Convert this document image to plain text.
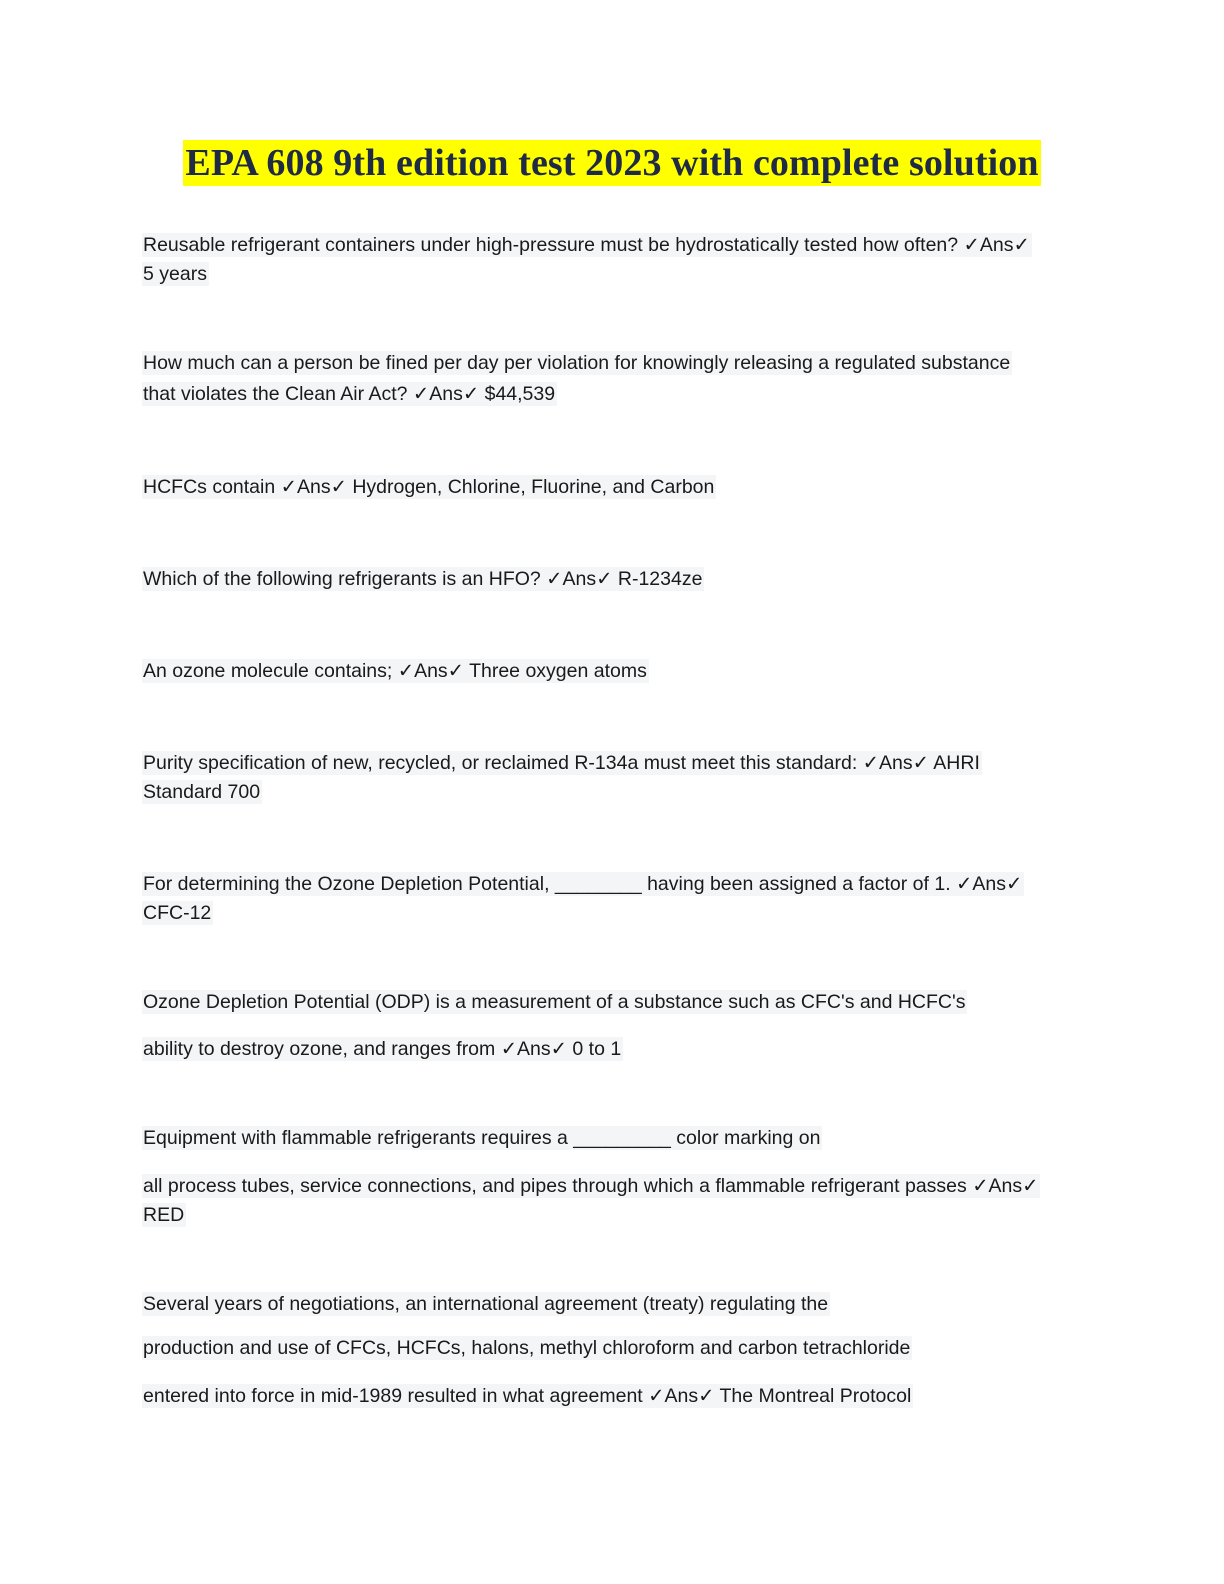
EPA 608 9th edition test 2023 with complete solution
Reusable refrigerant containers under high-pressure must be hydrostatically tested how often? ✓Ans✓
5 years
How much can a person be fined per day per violation for knowingly releasing a regulated substance
that violates the Clean Air Act? ✓Ans✓ $44,539
HCFCs contain ✓Ans✓ Hydrogen, Chlorine, Fluorine, and Carbon
Which of the following refrigerants is an HFO? ✓Ans✓ R-1234ze
An ozone molecule contains; ✓Ans✓ Three oxygen atoms
Purity specification of new, recycled, or reclaimed R-134a must meet this standard: ✓Ans✓ AHRI
Standard 700
For determining the Ozone Depletion Potential, ________ having been assigned a factor of 1. ✓Ans✓
CFC-12
Ozone Depletion Potential (ODP) is a measurement of a substance such as CFC's and HCFC's
ability to destroy ozone, and ranges from ✓Ans✓ 0 to 1
Equipment with flammable refrigerants requires a _________ color marking on
all process tubes, service connections, and pipes through which a flammable refrigerant passes ✓Ans✓
RED
Several years of negotiations, an international agreement (treaty) regulating the
production and use of CFCs, HCFCs, halons, methyl chloroform and carbon tetrachloride
entered into force in mid-1989 resulted in what agreement ✓Ans✓ The Montreal Protocol
